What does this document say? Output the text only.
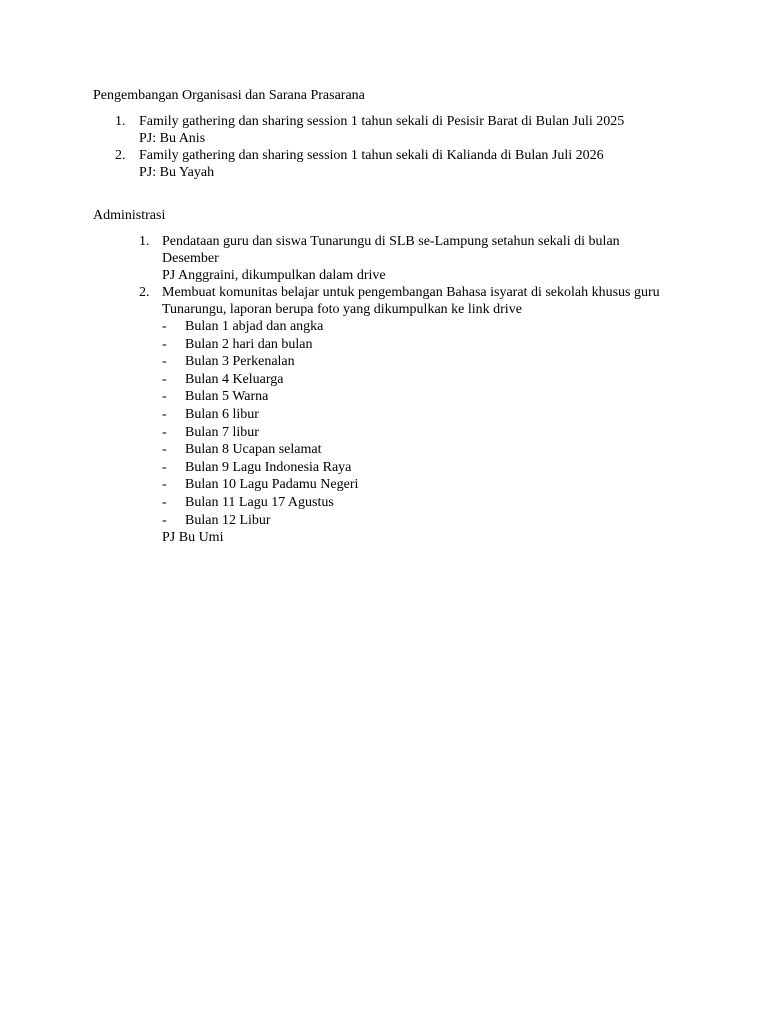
Pengembangan Organisasi dan Sarana Prasarana
1. Family gathering dan sharing session 1 tahun sekali di Pesisir Barat di Bulan Juli 2025
PJ: Bu Anis
2. Family gathering dan sharing session 1 tahun sekali di Kalianda di Bulan Juli 2026
PJ: Bu Yayah
Administrasi
1. Pendataan guru dan siswa Tunarungu di SLB se-Lampung setahun sekali di bulan
Desember
PJ Anggraini, dikumpulkan dalam drive
2. Membuat komunitas belajar untuk pengembangan Bahasa isyarat di sekolah khusus guru
Tunarungu, laporan berupa foto yang dikumpulkan ke link drive
- Bulan 1 abjad dan angka
- Bulan 2 hari dan bulan
- Bulan 3 Perkenalan
- Bulan 4 Keluarga
- Bulan 5 Warna
- Bulan 6 libur
- Bulan 7 libur
- Bulan 8 Ucapan selamat
- Bulan 9 Lagu Indonesia Raya
- Bulan 10 Lagu Padamu Negeri
- Bulan 11 Lagu 17 Agustus
- Bulan 12 Libur
PJ Bu Umi
